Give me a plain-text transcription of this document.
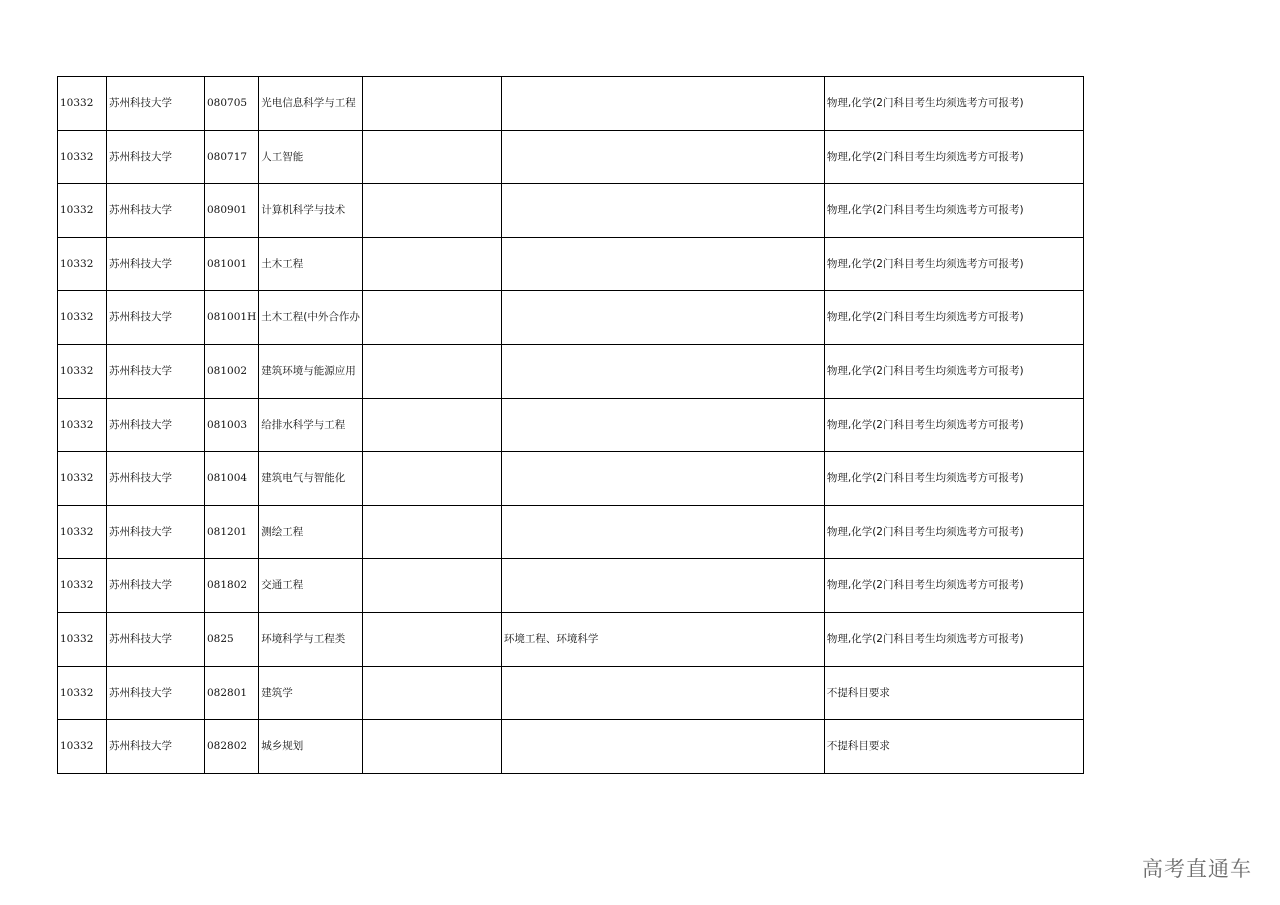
10332	苏州科技大学	080705	光电信息科学与工程			物理,化学(2门科目考生均须选考方可报考)
10332	苏州科技大学	080717	人工智能			物理,化学(2门科目考生均须选考方可报考)
10332	苏州科技大学	080901	计算机科学与技术			物理,化学(2门科目考生均须选考方可报考)
10332	苏州科技大学	081001	土木工程			物理,化学(2门科目考生均须选考方可报考)
10332	苏州科技大学	081001H	土木工程(中外合作办			物理,化学(2门科目考生均须选考方可报考)
10332	苏州科技大学	081002	建筑环境与能源应用			物理,化学(2门科目考生均须选考方可报考)
10332	苏州科技大学	081003	给排水科学与工程			物理,化学(2门科目考生均须选考方可报考)
10332	苏州科技大学	081004	建筑电气与智能化			物理,化学(2门科目考生均须选考方可报考)
10332	苏州科技大学	081201	测绘工程			物理,化学(2门科目考生均须选考方可报考)
10332	苏州科技大学	081802	交通工程			物理,化学(2门科目考生均须选考方可报考)
10332	苏州科技大学	0825	环境科学与工程类		环境工程、环境科学	物理,化学(2门科目考生均须选考方可报考)
10332	苏州科技大学	082801	建筑学			不提科目要求
10332	苏州科技大学	082802	城乡规划			不提科目要求
高考直通车
